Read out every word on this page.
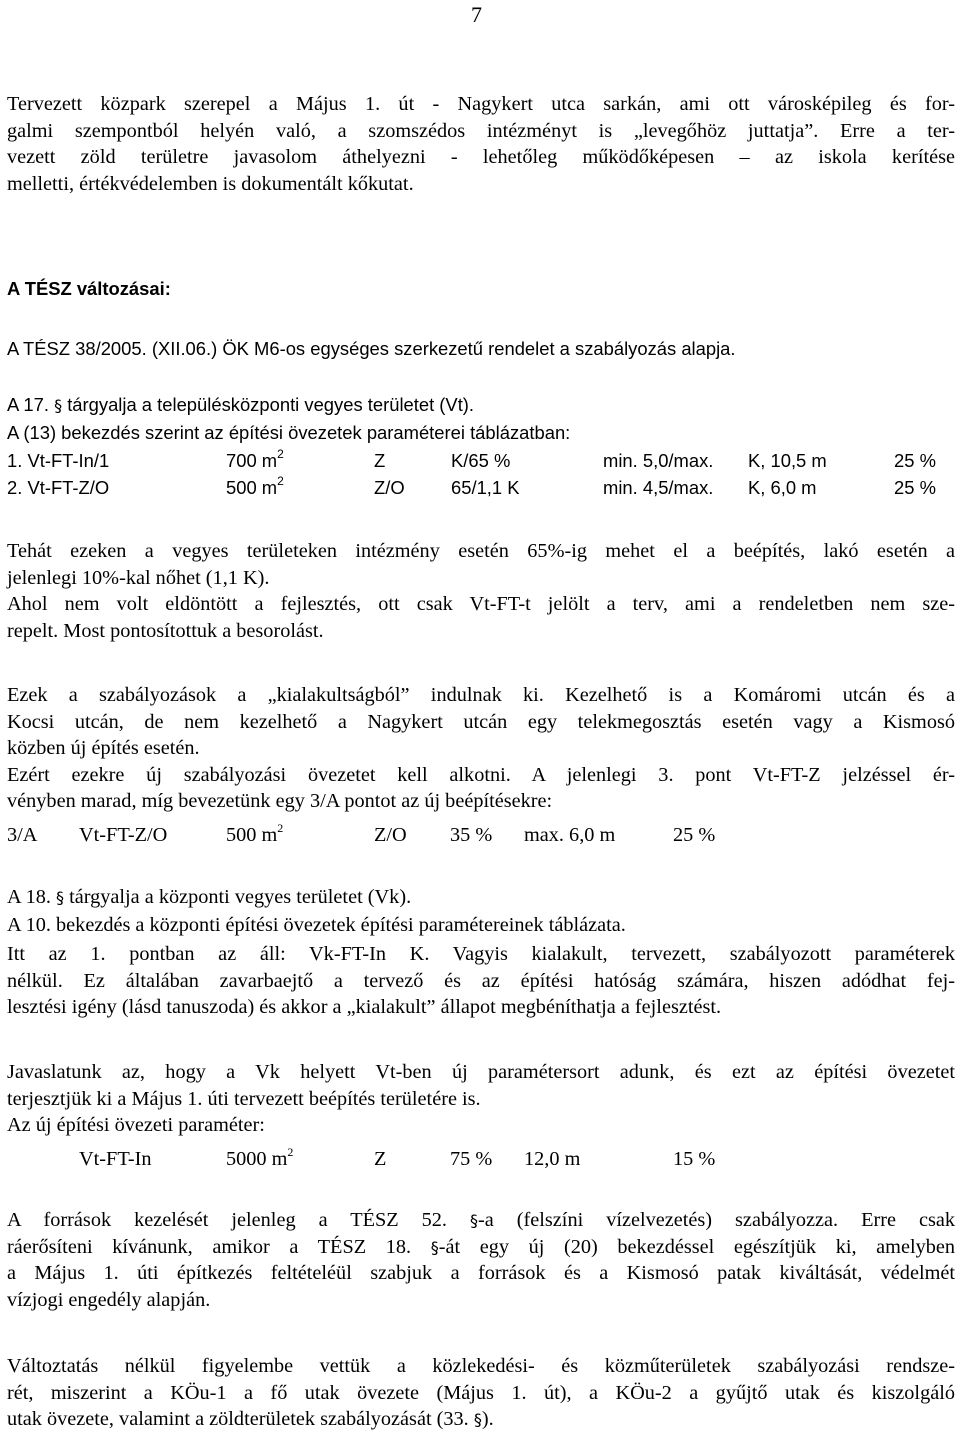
7
Tervezett közpark szerepel a Május 1. út - Nagykert utca sarkán, ami ott városképileg és for-
galmi szempontból helyén való, a szomszédos intézményt is „levegőhöz juttatja”. Erre a ter-
vezett zöld területre javasolom áthelyezni - lehetőleg működőképesen – az iskola kerítése
melletti, értékvédelemben is dokumentált kőkutat.
A TÉSZ változásai:
A TÉSZ 38/2005. (XII.06.) ÖK M6-os egységes szerkezetű rendelet a szabályozás alapja.
A 17. § tárgyalja a településközponti vegyes területet (Vt).
A (13) bekezdés szerint az építési övezetek paraméterei táblázatban:
1. Vt-FT-In/1	700 $m^2$	Z	K/65 %	min. 5,0/max. K, 10,5 m	25 %
2. Vt-FT-Z/O	500 $m^2$	Z/O	65/1,1 K	min. 4,5/max. K, 6,0 m	25 %
Tehát ezeken a vegyes területeken intézmény esetén 65%-ig mehet el a beépítés, lakó esetén a
jelenlegi 10%-kal nőhet (1,1 K).
Ahol nem volt eldöntött a fejlesztés, ott csak Vt-FT-t jelölt a terv, ami a rendeletben nem sze-
repelt. Most pontosítottuk a besorolást.
Ezek a szabályozások a „kialakultságból” indulnak ki. Kezelhető is a Komáromi utcán és a
Kocsi utcán, de nem kezelhető a Nagykert utcán egy telekmegosztás esetén vagy a Kismosó
közben új építés esetén.
Ezért ezekre új szabályozási övezetet kell alkotni. A jelenlegi 3. pont Vt-FT-Z jelzéssel ér-
vényben marad, míg bevezetünk egy 3/A pontot az új beépítésekre:
3/A Vt-FT-Z/O	500 $m^2$	Z/O 35 % max. 6,0 m	25 %
A 18. § tárgyalja a központi vegyes területet (Vk).
A 10. bekezdés a központi építési övezetek építési paramétereinek táblázata.
Itt az 1. pontban az áll: Vk-FT-In K. Vagyis kialakult, tervezett, szabályozott paraméterek
nélkül. Ez általában zavarbaejtő a tervező és az építési hatóság számára, hiszen adódhat fej-
lesztési igény (lásd tanuszoda) és akkor a „kialakult” állapot megbéníthatja a fejlesztést.
Javaslatunk az, hogy a Vk helyett Vt-ben új paramétersort adunk, és ezt az építési övezetet
terjesztjük ki a Május 1. úti tervezett beépítés területére is.
Az új építési övezeti paraméter:
Vt-FT-In	5000 $m^2$	Z	75 % 12,0 m	15 %
A források kezelését jelenleg a TÉSZ 52. §-a (felszíni vízelvezetés) szabályozza. Erre csak
ráerősíteni kívánunk, amikor a TÉSZ 18. §-át egy új (20) bekezdéssel egészítjük ki, amelyben
a Május 1. úti építkezés feltételéül szabjuk a források és a Kismosó patak kiváltását, védelmét
vízjogi engedély alapján.
Változtatás nélkül figyelembe vettük a közlekedési- és közműterületek szabályozási rendsze-
rét, miszerint a KÖu-1 a fő utak övezete (Május 1. út), a KÖu-2 a gyűjtő utak és kiszolgáló
utak övezete, valamint a zöldterületek szabályozását (33. §).
